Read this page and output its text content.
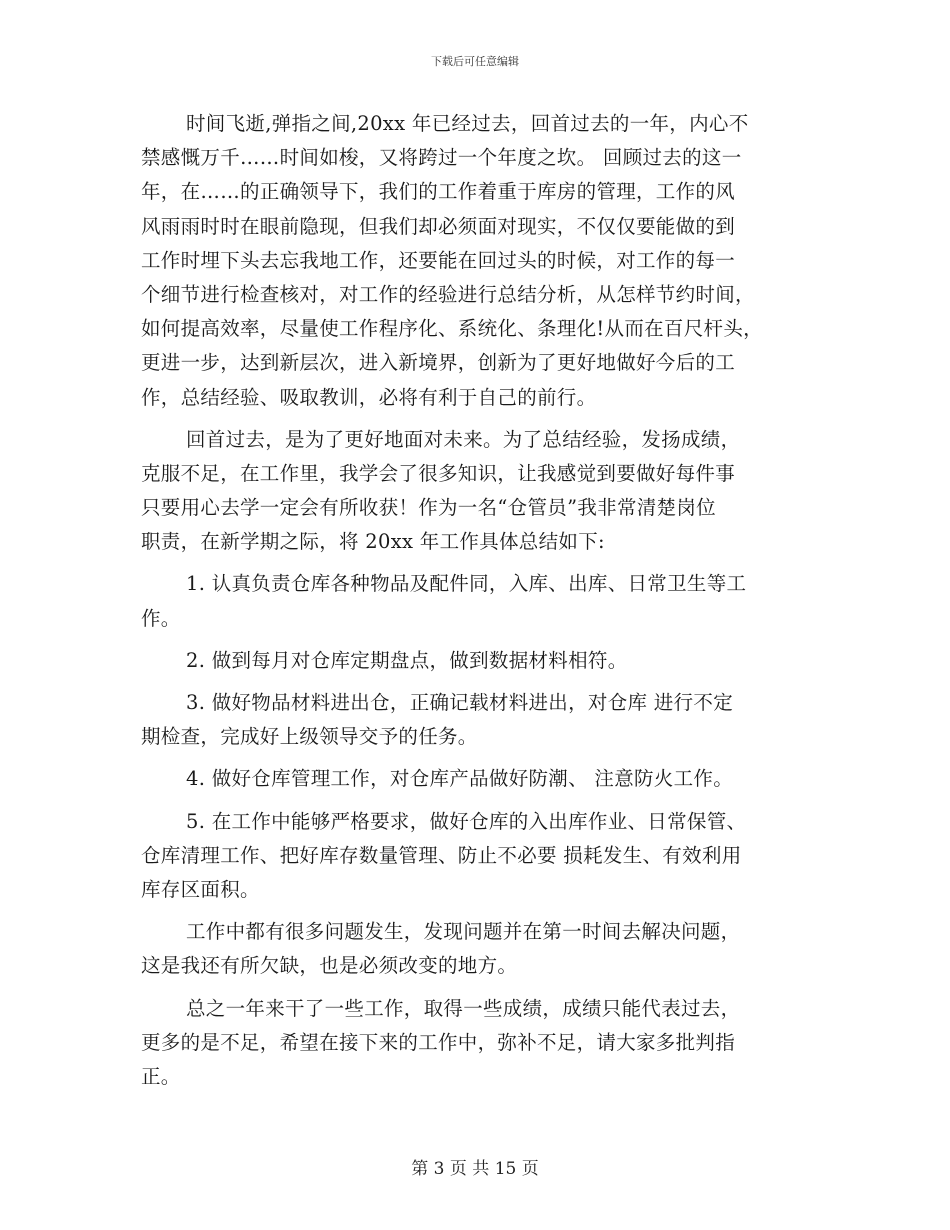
下载后可任意编辑
时间飞逝,弹指之间,20xx 年已经过去，回首过去的一年，内心不
禁感慨万千……时间如梭，又将跨过一个年度之坎。 回顾过去的这一
年，在……的正确领导下，我们的工作着重于库房的管理，工作的风
风雨雨时时在眼前隐现，但我们却必须面对现实，不仅仅要能做的到
工作时埋下头去忘我地工作，还要能在回过头的时候，对工作的每一
个细节进行检查核对，对工作的经验进行总结分析，从怎样节约时间，
如何提高效率，尽量使工作程序化、系统化、条理化!从而在百尺杆头，
更进一步，达到新层次，进入新境界，创新为了更好地做好今后的工
作，总结经验、吸取教训，必将有利于自己的前行。
回首过去，是为了更好地面对未来。为了总结经验，发扬成绩，
克服不足，在工作里，我学会了很多知识，让我感觉到要做好每件事
只要用心去学一定会有所收获！作为一名“仓管员”我非常清楚岗位
职责，在新学期之际，将 20xx 年工作具体总结如下:
1. 认真负责仓库各种物品及配件同，入库、出库、日常卫生等工
作。
2. 做到每月对仓库定期盘点，做到数据材料相符。
3. 做好物品材料进出仓，正确记载材料进出，对仓库 进行不定
期检查，完成好上级领导交予的任务。
4. 做好仓库管理工作，对仓库产品做好防潮、 注意防火工作。
5. 在工作中能够严格要求，做好仓库的入出库作业、日常保管、
仓库清理工作、把好库存数量管理、防止不必要 损耗发生、有效利用
库存区面积。
工作中都有很多问题发生，发现问题并在第一时间去解决问题，
这是我还有所欠缺，也是必须改变的地方。
总之一年来干了一些工作，取得一些成绩，成绩只能代表过去，
更多的是不足，希望在接下来的工作中，弥补不足，请大家多批判指
正。
第 3 页 共 15 页
